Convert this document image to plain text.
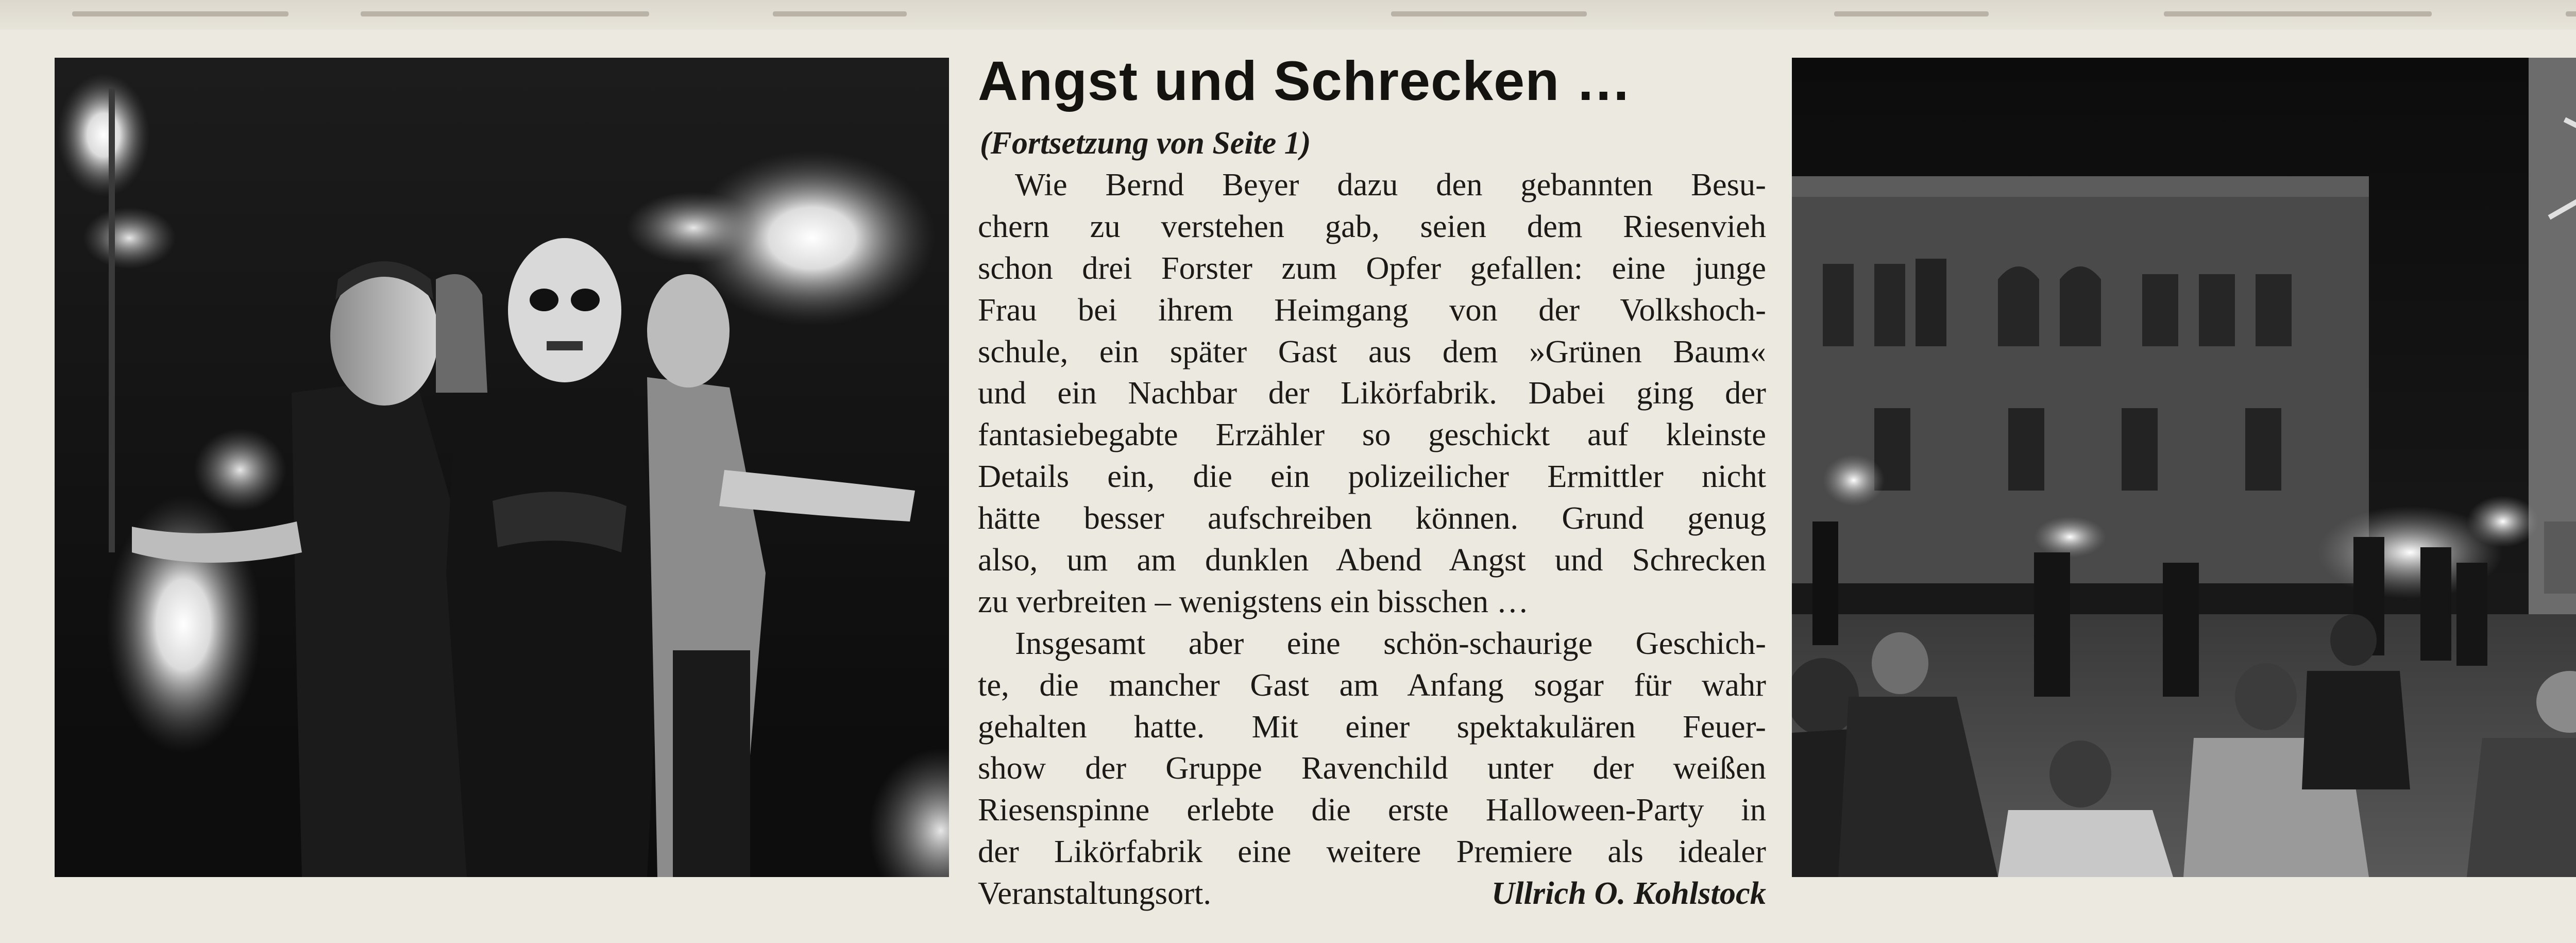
Angst und Schrecken …

(Fortsetzung von Seite 1)

Wie Bernd Beyer dazu den gebannten Besu-
chern zu verstehen gab, seien dem Riesenvieh
schon drei Forster zum Opfer gefallen: eine junge
Frau bei ihrem Heimgang von der Volkshoch-
schule, ein später Gast aus dem »Grünen Baum«
und ein Nachbar der Likörfabrik. Dabei ging der
fantasiebegabte Erzähler so geschickt auf kleinste
Details ein, die ein polizeilicher Ermittler nicht
hätte besser aufschreiben können. Grund genug
also, um am dunklen Abend Angst und Schrecken
zu verbreiten – wenigstens ein bisschen …
Insgesamt aber eine schön-schaurige Geschich-
te, die mancher Gast am Anfang sogar für wahr
gehalten hatte. Mit einer spektakulären Feuer-
show der Gruppe Ravenchild unter der weißen
Riesenspinne erlebte die erste Halloween-Party in
der Likörfabrik eine weitere Premiere als idealer
Veranstaltungsort.	Ullrich O. Kohlstock
